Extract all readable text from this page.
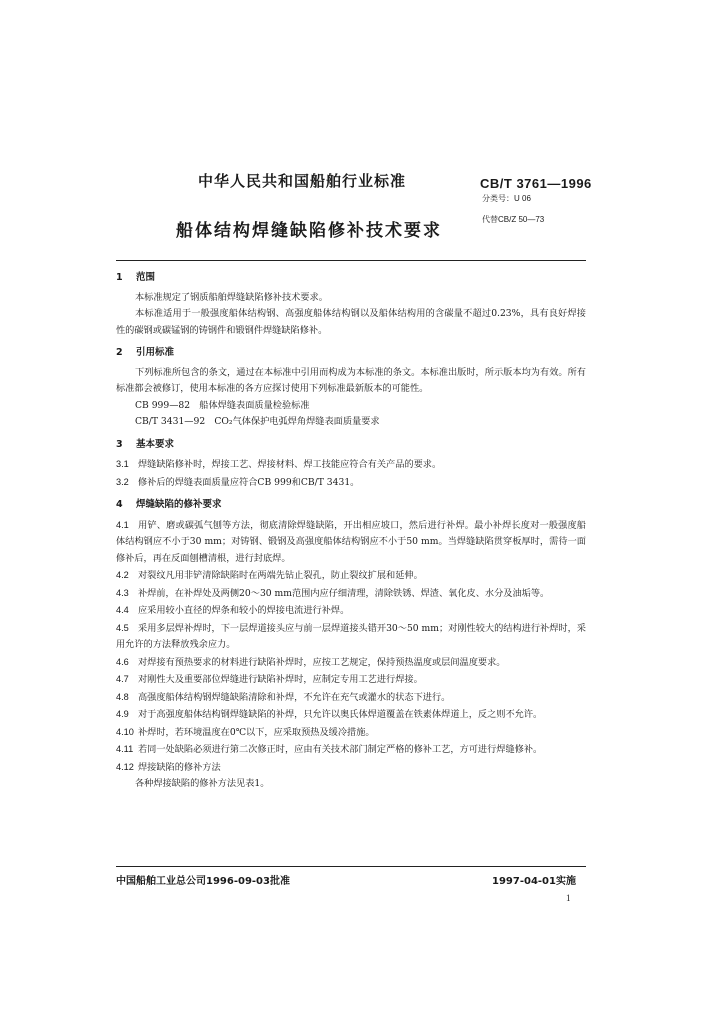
中华人民共和国船舶行业标准	CB/T 3761—1996
分类号：U 06
船体结构焊缝缺陷修补技术要求
代替CB/Z 50—73
1 范围

本标准规定了钢质船舶焊缝缺陷修补技术要求。

本标准适用于一般强度船体结构钢、高强度船体结构钢以及船体结构用的含碳量不超过0.23%，具有良好焊接性的碳钢或碳锰钢的铸钢件和锻钢件焊缝缺陷修补。

2 引用标准

下列标准所包含的条文，通过在本标准中引用而构成为本标准的条文。本标准出版时，所示版本均为有效。所有标准都会被修订，使用本标准的各方应探讨使用下列标准最新版本的可能性。

CB 999—82　船体焊缝表面质量检验标准

CB/T 3431—92　CO₂气体保护电弧焊角焊缝表面质量要求

3 基本要求

3.1 焊缝缺陷修补时，焊接工艺、焊接材料、焊工技能应符合有关产品的要求。

3.2 修补后的焊缝表面质量应符合CB 999和CB/T 3431。

4 焊缝缺陷的修补要求

4.1 用铲、磨或碳弧气刨等方法，彻底清除焊缝缺陷，开出相应坡口，然后进行补焊。最小补焊长度对一般强度船体结构钢应不小于30 mm；对铸钢、锻钢及高强度船体结构钢应不小于50 mm。当焊缝缺陷贯穿板厚时，需待一面修补后，再在反面刨槽清根，进行封底焊。

4.2 对裂纹凡用非铲清除缺陷时在两端先钻止裂孔，防止裂纹扩展和延伸。

4.3 补焊前，在补焊处及两侧20～30 mm范围内应仔细清理，清除铁锈、焊渣、氧化皮、水分及油垢等。

4.4 应采用较小直径的焊条和较小的焊接电流进行补焊。

4.5 采用多层焊补焊时，下一层焊道接头应与前一层焊道接头错开30～50 mm；对刚性较大的结构进行补焊时，采用允许的方法释放残余应力。

4.6 对焊接有预热要求的材料进行缺陷补焊时，应按工艺规定，保持预热温度或层间温度要求。

4.7 对刚性大及重要部位焊缝进行缺陷补焊时，应制定专用工艺进行焊接。

4.8 高强度船体结构钢焊缝缺陷清除和补焊，不允许在充气或灌水的状态下进行。

4.9 对于高强度船体结构钢焊缝缺陷的补焊，只允许以奥氏体焊道覆盖在铁素体焊道上，反之则不允许。

4.10 补焊时，若环境温度在0℃以下，应采取预热及缓冷措施。

4.11 若同一处缺陷必须进行第二次修正时，应由有关技术部门制定严格的修补工艺，方可进行焊缝修补。

4.12 焊接缺陷的修补方法

各种焊接缺陷的修补方法见表1。

中国船舶工业总公司1996-09-03批准	1997-04-01实施
1
